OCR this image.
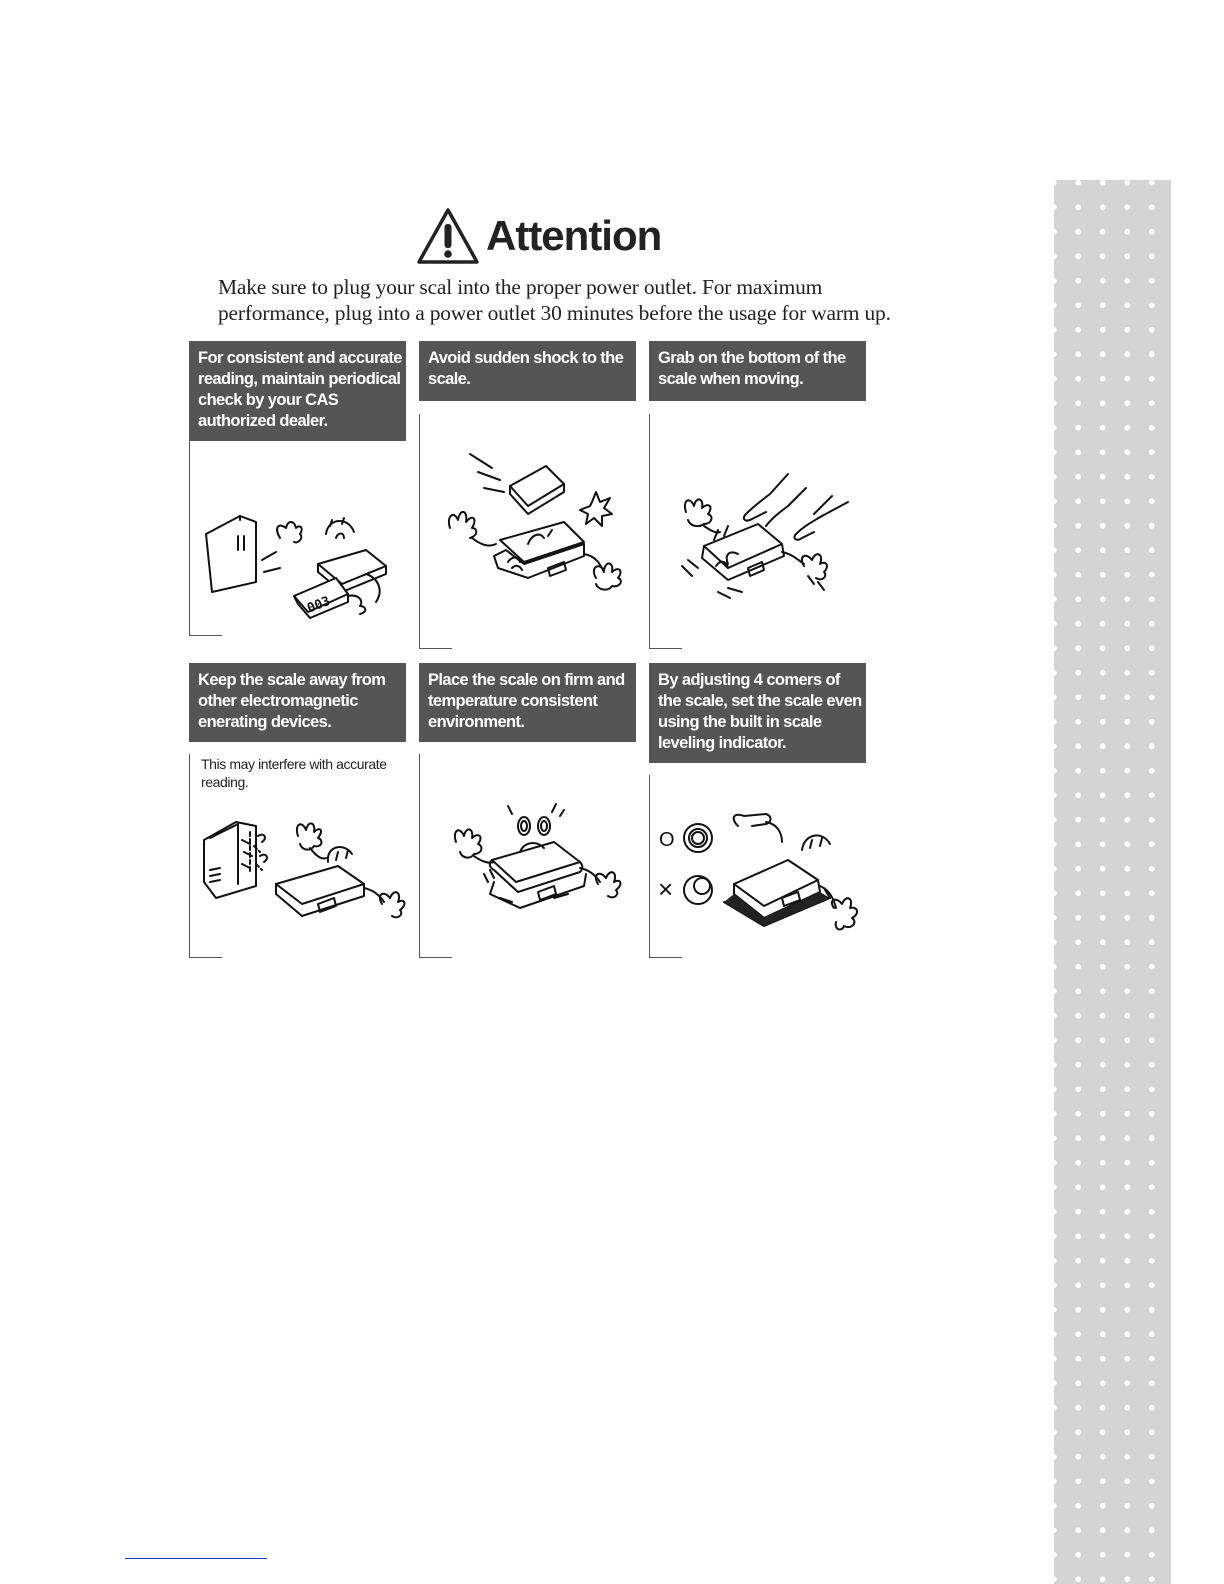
Attention

Make sure to plug your scal into the proper power outlet. For maximum

performance, plug into a power outlet 30 minutes before the usage for warm up.

For consistent and accurate reading, maintain periodical check by your CAS authorized dealer.
003
Avoid sudden shock to the scale.
Grab on the bottom of the scale when moving.
Keep the scale away from other electromagnetic enerating devices.
This may interfere with accurate reading.
Place the scale on firm and temperature consistent environment.
By adjusting 4 comers of the scale, set the scale even using the built in scale leveling indicator.
O
×
